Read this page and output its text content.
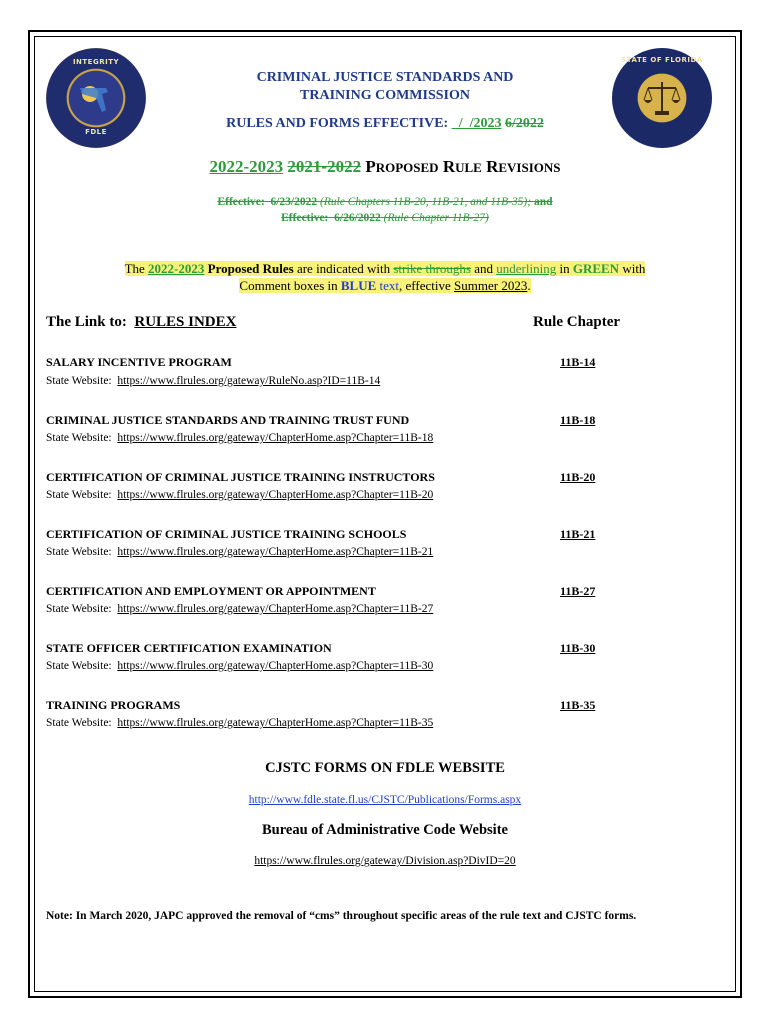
INTEGRITY
FDLE
STATE OF FLORIDA
CRIMINAL JUSTICE STANDARDS AND
TRAINING COMMISSION
RULES AND FORMS EFFECTIVE: _/_/2023 6/2022
2022-2023 2021-2022 PROPOSED RULE REVISIONS
Effective: 6/23/2022 (Rule Chapters 11B-20, 11B-21, and 11B-35); and
Effective: 6/26/2022 (Rule Chapter 11B-27)
The 2022-2023 Proposed Rules are indicated with strike throughs and underlining in GREEN with
Comment boxes in BLUE text, effective Summer 2023.
The Link to: RULES INDEX	Rule Chapter
SALARY INCENTIVE PROGRAM	11B-14
State Website: https://www.flrules.org/gateway/RuleNo.asp?ID=11B-14
CRIMINAL JUSTICE STANDARDS AND TRAINING TRUST FUND	11B-18
State Website: https://www.flrules.org/gateway/ChapterHome.asp?Chapter=11B-18
CERTIFICATION OF CRIMINAL JUSTICE TRAINING INSTRUCTORS	11B-20
State Website: https://www.flrules.org/gateway/ChapterHome.asp?Chapter=11B-20
CERTIFICATION OF CRIMINAL JUSTICE TRAINING SCHOOLS	11B-21
State Website: https://www.flrules.org/gateway/ChapterHome.asp?Chapter=11B-21
CERTIFICATION AND EMPLOYMENT OR APPOINTMENT	11B-27
State Website: https://www.flrules.org/gateway/ChapterHome.asp?Chapter=11B-27
STATE OFFICER CERTIFICATION EXAMINATION	11B-30
State Website: https://www.flrules.org/gateway/ChapterHome.asp?Chapter=11B-30
TRAINING PROGRAMS	11B-35
State Website: https://www.flrules.org/gateway/ChapterHome.asp?Chapter=11B-35
CJSTC FORMS ON FDLE WEBSITE
http://www.fdle.state.fl.us/CJSTC/Publications/Forms.aspx
Bureau of Administrative Code Website
https://www.flrules.org/gateway/Division.asp?DivID=20
Note: In March 2020, JAPC approved the removal of “cms” throughout specific areas of the rule text and CJSTC forms.
